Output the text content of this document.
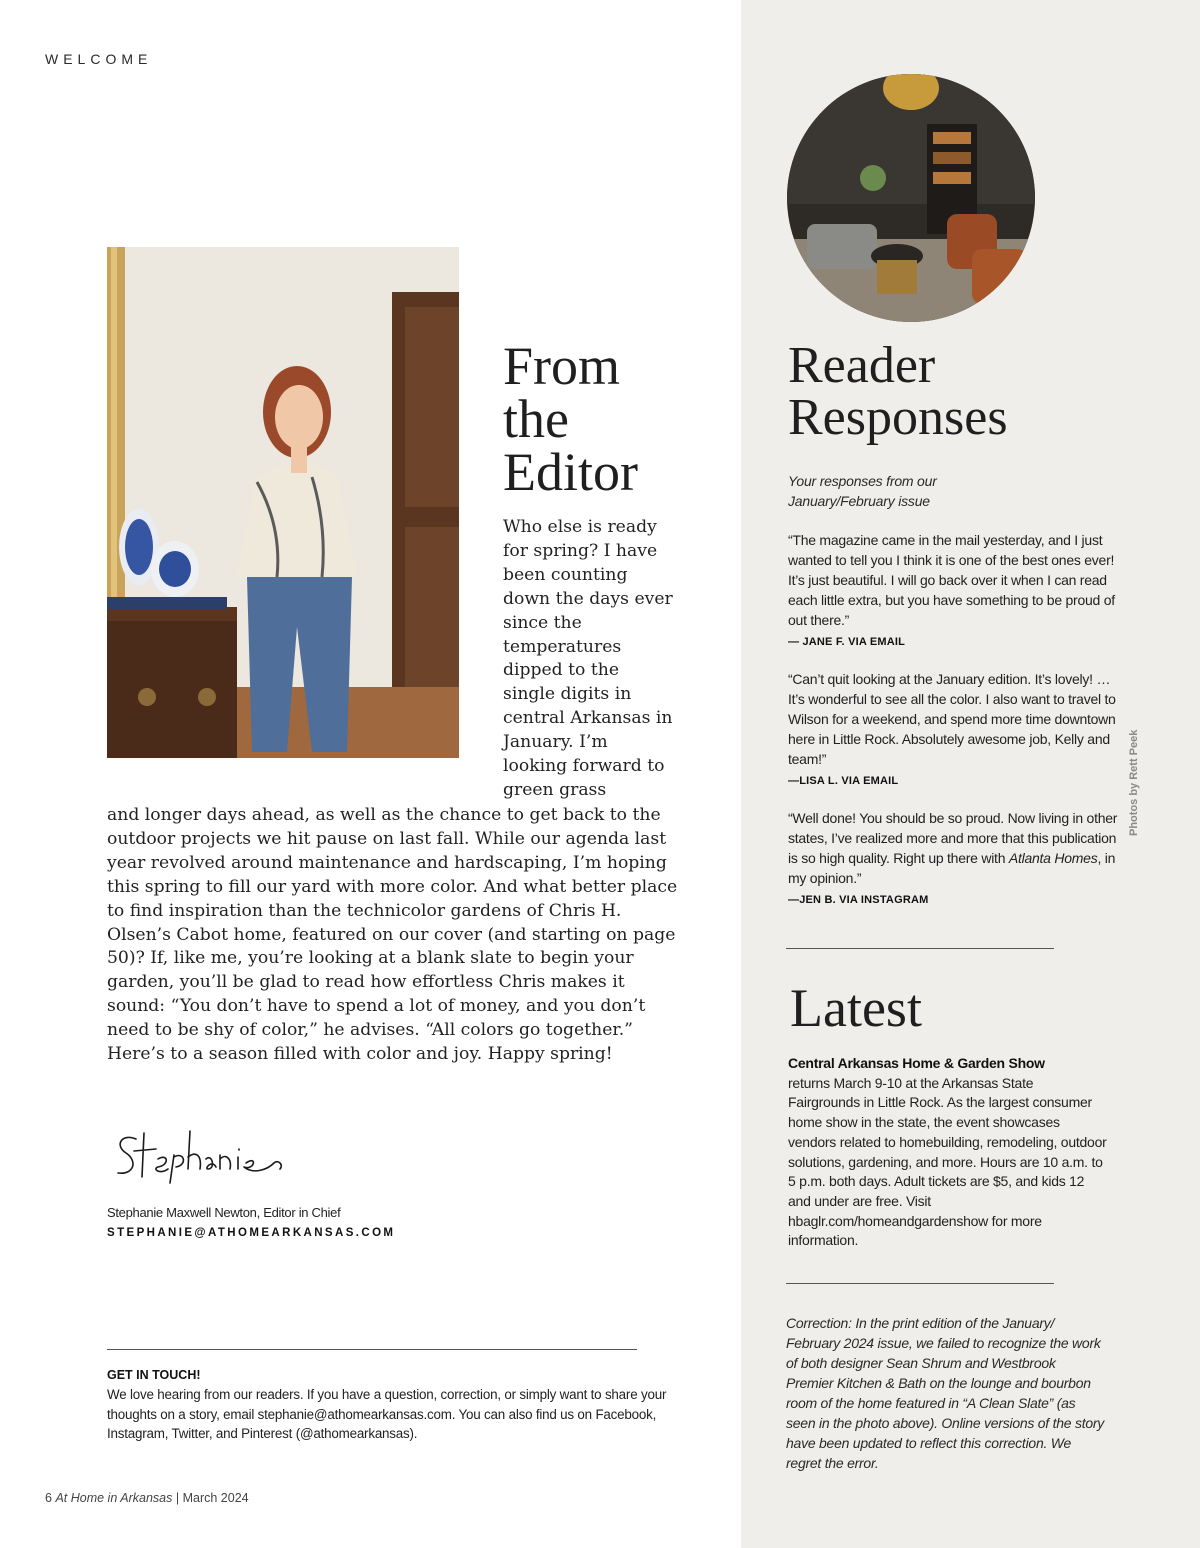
WELCOME
From
the
Editor

Who else is ready for spring? I have been counting down the days ever since the temperatures dipped to the single digits in central Arkansas in January. I’m looking forward to green grass

and longer days ahead, as well as the chance to get back to the outdoor projects we hit pause on last fall. While our agenda last year revolved around maintenance and hardscaping, I’m hoping this spring to fill our yard with more color. And what better place to find inspiration than the technicolor gardens of Chris H. Olsen’s Cabot home, featured on our cover (and starting on page 50)? If, like me, you’re looking at a blank slate to begin your garden, you’ll be glad to read how effortless Chris makes it sound: “You don’t have to spend a lot of money, and you don’t need to be shy of color,” he advises. “All colors go together.” Here’s to a season filled with color and joy. Happy spring!

Stephanie Maxwell Newton, Editor in Chief
STEPHANIE@ATHOMEARKANSAS.COM
GET IN TOUCH!

We love hearing from our readers. If you have a question, correction, or simply want to share your thoughts on a story, email stephanie@athomearkansas.com. You can also find us on Facebook, Instagram, Twitter, and Pinterest (@athomearkansas).

6 At Home in Arkansas | March 2024
Reader
Responses

Your responses from our January/February issue

“The magazine came in the mail yesterday, and I just wanted to tell you I think it is one of the best ones ever! It’s just beautiful. I will go back over it when I can read each little extra, but you have something to be proud of out there.”
— JANE F. VIA EMAIL
“Can’t quit looking at the January edition. It’s lovely! … It’s wonderful to see all the color. I also want to travel to Wilson for a weekend, and spend more time downtown here in Little Rock. Absolutely awesome job, Kelly and team!”
—LISA L. VIA EMAIL
“Well done! You should be so proud. Now living in other states, I’ve realized more and more that this publication is so high quality. Right up there with Atlanta Homes, in my opinion.”
—JEN B. VIA INSTAGRAM
Photos by Rett Peek
Latest

Central Arkansas Home & Garden Show
returns March 9-10 at the Arkansas State Fairgrounds in Little Rock. As the largest consumer home show in the state, the event showcases vendors related to homebuilding, remodeling, outdoor solutions, gardening, and more. Hours are 10 a.m. to 5 p.m. both days. Adult tickets are $5, and kids 12 and under are free. Visit hbaglr.com/homeandgardenshow for more information.

Correction: In the print edition of the January/ February 2024 issue, we failed to recognize the work of both designer Sean Shrum and Westbrook Premier Kitchen & Bath on the lounge and bourbon room of the home featured in “A Clean Slate” (as seen in the photo above). Online versions of the story have been updated to reflect this correction. We regret the error.
